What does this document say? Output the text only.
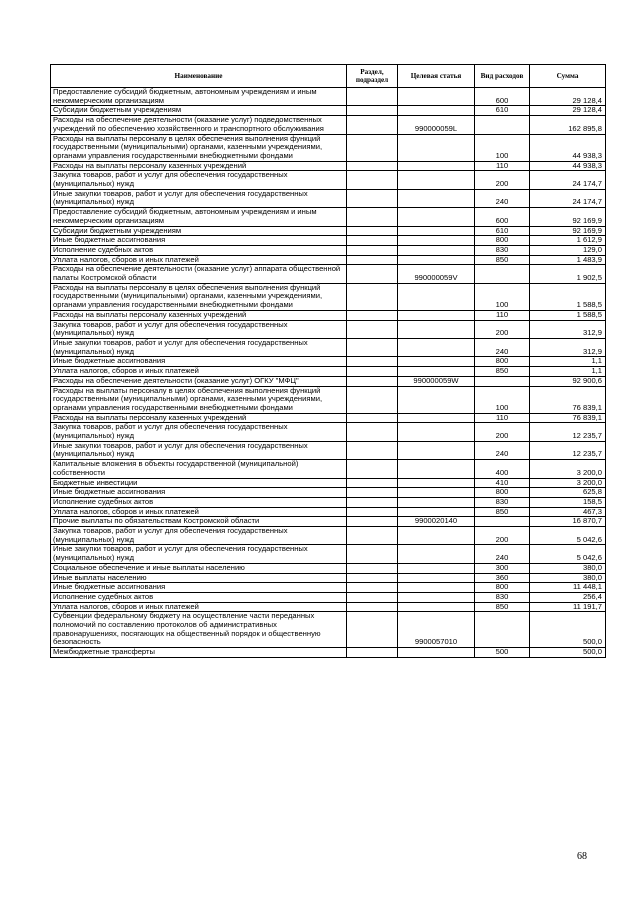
Наименование	Раздел, подраздел	Целевая статья	Вид расходов	Сумма
Предоставление субсидий бюджетным, автономным учреждениям и иным некоммерческим организациям			600	29 128,4
Субсидии бюджетным учреждениям			610	29 128,4
Расходы на обеспечение деятельности (оказание услуг) подведомственных учреждений по обеспечению хозяйственного и транспортного обслуживания		990000059L		162 895,8
Расходы на выплаты персоналу в целях обеспечения выполнения функций государственными (муниципальными) органами, казенными учреждениями, органами управления государственными внебюджетными фондами			100	44 938,3
Расходы на выплаты персоналу казенных учреждений			110	44 938,3
Закупка товаров, работ и услуг для обеспечения государственных (муниципальных) нужд			200	24 174,7
Иные закупки товаров, работ и услуг для обеспечения государственных (муниципальных) нужд			240	24 174,7
Предоставление субсидий бюджетным, автономным учреждениям и иным некоммерческим организациям			600	92 169,9
Субсидии бюджетным учреждениям			610	92 169,9
Иные бюджетные ассигнования			800	1 612,9
Исполнение судебных актов			830	129,0
Уплата налогов, сборов и иных платежей			850	1 483,9
Расходы на обеспечение деятельности (оказание услуг) аппарата общественной палаты Костромской области		990000059V		1 902,5
Расходы на выплаты персоналу в целях обеспечения выполнения функций государственными (муниципальными) органами, казенными учреждениями, органами управления государственными внебюджетными фондами			100	1 588,5
Расходы на выплаты персоналу казенных учреждений			110	1 588,5
Закупка товаров, работ и услуг для обеспечения государственных (муниципальных) нужд			200	312,9
Иные закупки товаров, работ и услуг для обеспечения государственных (муниципальных) нужд			240	312,9
Иные бюджетные ассигнования			800	1,1
Уплата налогов, сборов и иных платежей			850	1,1
Расходы на обеспечение деятельности (оказание услуг) ОГКУ "МФЦ"		990000059W		92 900,6
Расходы на выплаты персоналу в целях обеспечения выполнения функций государственными (муниципальными) органами, казенными учреждениями, органами управления государственными внебюджетными фондами			100	76 839,1
Расходы на выплаты персоналу казенных учреждений			110	76 839,1
Закупка товаров, работ и услуг для обеспечения государственных (муниципальных) нужд			200	12 235,7
Иные закупки товаров, работ и услуг для обеспечения государственных (муниципальных) нужд			240	12 235,7
Капитальные вложения в объекты государственной (муниципальной) собственности			400	3 200,0
Бюджетные инвестиции			410	3 200,0
Иные бюджетные ассигнования			800	625,8
Исполнение судебных актов			830	158,5
Уплата налогов, сборов и иных платежей			850	467,3
Прочие выплаты по обязательствам Костромской области		9900020140		16 870,7
Закупка товаров, работ и услуг для обеспечения государственных (муниципальных) нужд			200	5 042,6
Иные закупки товаров, работ и услуг для обеспечения государственных (муниципальных) нужд			240	5 042,6
Социальное обеспечение и иные выплаты населению			300	380,0
Иные выплаты населению			360	380,0
Иные бюджетные ассигнования			800	11 448,1
Исполнение судебных актов			830	256,4
Уплата налогов, сборов и иных платежей			850	11 191,7
Субвенции федеральному бюджету на осуществление части переданных полномочий по составлению протоколов об административных правонарушениях, посягающих на общественный порядок и общественную безопасность		9900057010		500,0
Межбюджетные трансферты			500	500,0
68
